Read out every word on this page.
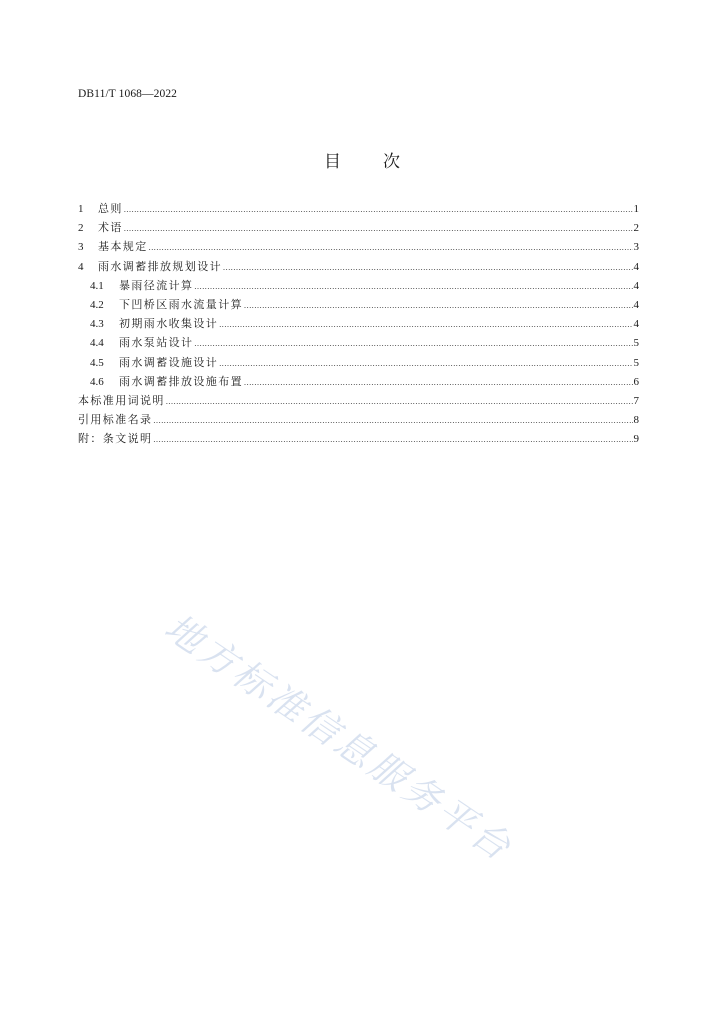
DB11/T 1068—2022
目 次
1	总则 .....	1
2	术语 .....	2
3	基本规定 .....	3
4	雨水调蓄排放规划设计 .....	4
4.1	暴雨径流计算 .....	4
4.2	下凹桥区雨水流量计算 .....	4
4.3	初期雨水收集设计 .....	4
4.4	雨水泵站设计 .....	5
4.5	雨水调蓄设施设计 .....	5
4.6	雨水调蓄排放设施布置 .....	6
本标准用词说明 .....	7
引用标准名录 .....	8
附：条文说明 .....	9
地方标准信息服务平台
